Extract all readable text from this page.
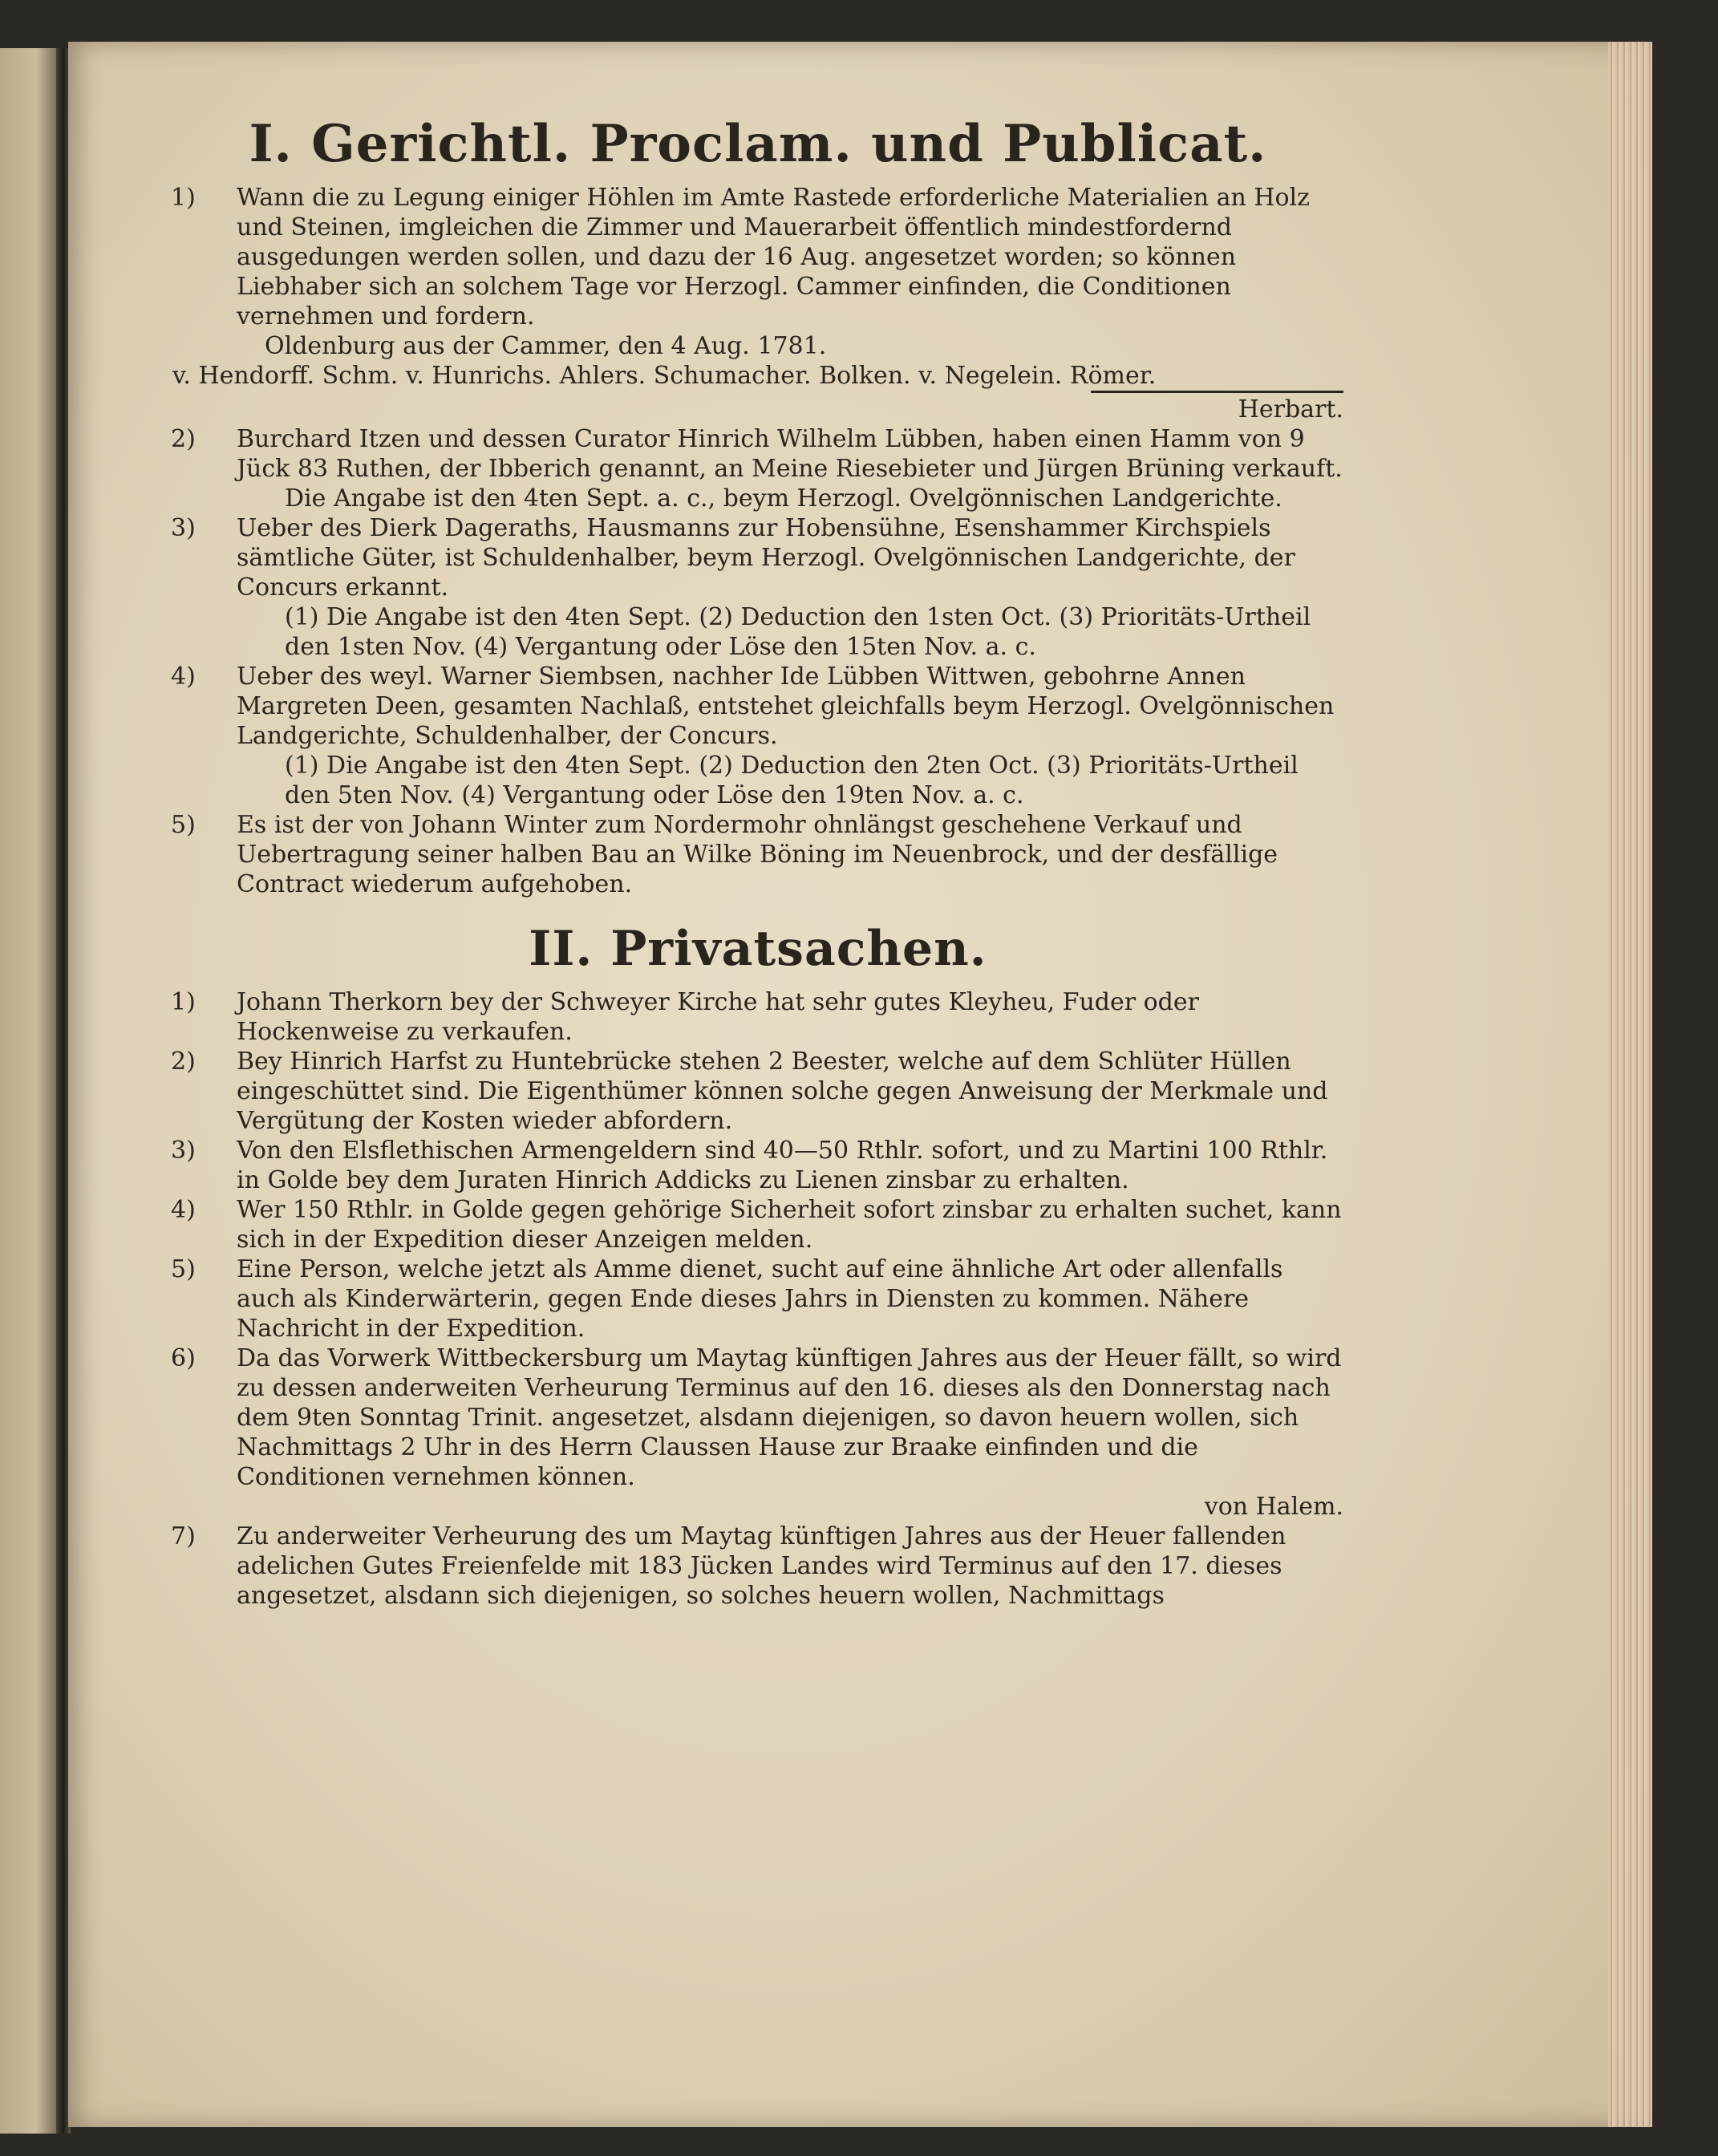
I. Gerichtl. Proclam. und Publicat.
1)	Wann die zu Legung einiger Höhlen im Amte Rastede erforderliche Materialien an Holz und Steinen, imgleichen die Zimmer und Mauerarbeit öffentlich mindestfordernd ausgedungen werden sollen, und dazu der 16 Aug. angesetzet worden; so können Liebhaber sich an solchem Tage vor Herzogl. Cammer einfinden, die Conditionen vernehmen und fordern.

Oldenburg aus der Cammer, den 4 Aug. 1781.

v. Hendorff. Schm. v. Hunrichs. Ahlers. Schumacher. Bolken. v. Negelein. Römer.

Herbart.

2)	Burchard Itzen und dessen Curator Hinrich Wilhelm Lübben, haben einen Hamm von 9 Jück 83 Ruthen, der Ibberich genannt, an Meine Riesebieter und Jürgen Brüning verkauft.

Die Angabe ist den 4ten Sept. a. c., beym Herzogl. Ovelgönnischen Landgerichte.

3)	Ueber des Dierk Dageraths, Hausmanns zur Hobensühne, Esenshammer Kirchspiels sämtliche Güter, ist Schuldenhalber, beym Herzogl. Ovelgönnischen Landgerichte, der Concurs erkannt.

(1) Die Angabe ist den 4ten Sept. (2) Deduction den 1sten Oct. (3) Prioritäts-Urtheil den 1sten Nov. (4) Vergantung oder Löse den 15ten Nov. a. c.

4)	Ueber des weyl. Warner Siembsen, nachher Ide Lübben Wittwen, gebohrne Annen Margreten Deen, gesamten Nachlaß, entstehet gleichfalls beym Herzogl. Ovelgönnischen Landgerichte, Schuldenhalber, der Concurs.

(1) Die Angabe ist den 4ten Sept. (2) Deduction den 2ten Oct. (3) Prioritäts-Urtheil den 5ten Nov. (4) Vergantung oder Löse den 19ten Nov. a. c.

5)	Es ist der von Johann Winter zum Nordermohr ohnlängst geschehene Verkauf und Uebertragung seiner halben Bau an Wilke Böning im Neuenbrock, und der desfällige Contract wiederum aufgehoben.

II. Privatsachen.
1)	Johann Therkorn bey der Schweyer Kirche hat sehr gutes Kleyheu, Fuder oder Hockenweise zu verkaufen.

2)	Bey Hinrich Harfst zu Huntebrücke stehen 2 Beester, welche auf dem Schlüter Hüllen eingeschüttet sind. Die Eigenthümer können solche gegen Anweisung der Merkmale und Vergütung der Kosten wieder abfordern.

3)	Von den Elsflethischen Armengeldern sind 40—50 Rthlr. sofort, und zu Martini 100 Rthlr. in Golde bey dem Juraten Hinrich Addicks zu Lienen zinsbar zu erhalten.

4)	Wer 150 Rthlr. in Golde gegen gehörige Sicherheit sofort zinsbar zu erhalten suchet, kann sich in der Expedition dieser Anzeigen melden.

5)	Eine Person, welche jetzt als Amme dienet, sucht auf eine ähnliche Art oder allenfalls auch als Kinderwärterin, gegen Ende dieses Jahrs in Diensten zu kommen. Nähere Nachricht in der Expedition.

6)	Da das Vorwerk Wittbeckersburg um Maytag künftigen Jahres aus der Heuer fällt, so wird zu dessen anderweiten Verheurung Terminus auf den 16. dieses als den Donnerstag nach dem 9ten Sonntag Trinit. angesetzet, alsdann diejenigen, so davon heuern wollen, sich Nachmittags 2 Uhr in des Herrn Claussen Hause zur Braake einfinden und die Conditionen vernehmen können.

von Halem.

7)	Zu anderweiter Verheurung des um Maytag künftigen Jahres aus der Heuer fallenden adelichen Gutes Freienfelde mit 183 Jücken Landes wird Terminus auf den 17. dieses angesetzet, alsdann sich diejenigen, so solches heuern wollen, Nachmittags
